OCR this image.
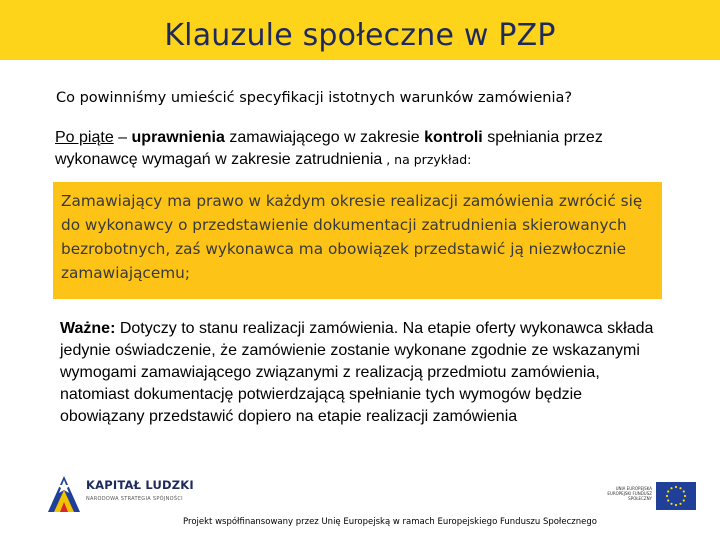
Klauzule społeczne w PZP
Co powinniśmy umieścić specyfikacji istotnych warunków zamówienia?
Po piąte – uprawnienia zamawiającego w zakresie kontroli spełniania przez wykonawcę wymagań w zakresie zatrudnienia , na przykład:
Zamawiający ma prawo w każdym okresie realizacji zamówienia zwrócić się do wykonawcy o przedstawienie dokumentacji zatrudnienia skierowanych bezrobotnych, zaś wykonawca ma obowiązek przedstawić ją niezwłocznie zamawiającemu;
Ważne: Dotyczy to stanu realizacji zamówienia. Na etapie oferty wykonawca składa jedynie oświadczenie, że zamówienie zostanie wykonane zgodnie ze wskazanymi wymogami zamawiającego związanymi z realizacją przedmiotu zamówienia, natomiast dokumentację potwierdzającą spełnianie tych wymogów będzie obowiązany przedstawić dopiero na etapie realizacji zamówienia
KAPITAŁ LUDZKI
NARODOWA STRATEGIA SPÓJNOŚCI
UNIA EUROPEJSKA EUROPEJSKI FUNDUSZ SPOŁECZNY
Projekt współfinansowany przez Unię Europejską w ramach Europejskiego Funduszu Społecznego
